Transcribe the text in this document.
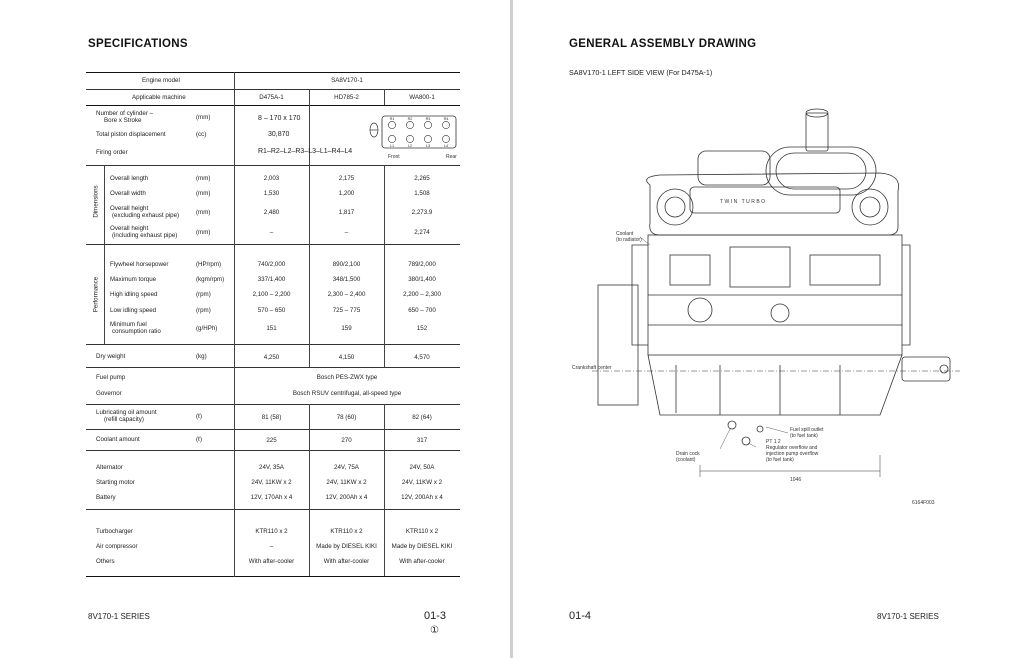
SPECIFICATIONS
Engine model	SA8V170-1
Applicable machine	D475A-1	HD785-2	WA800-1
Number of cylinder –
Bore x Stroke	(mm)	8 – 170 x 170
Total piston displacement	(cc)	30,870
Firing order	R1–R2–L2–R3–L3–L1–R4–L4
R1	R2	R3	R4
L1	L2	L3	L4
Front	Rear
Dimensions
Overall length	(mm)	2,003	2,175	2,265
Overall width	(mm)	1,530	1,200	1,508
Overall height
(excluding exhaust pipe)	(mm)	2,480	1,817	2,273.9
Overall height
(including exhaust pipe)	(mm)	–	–	2,274
Performance
Flywheel horsepower	(HP/rpm)	740/2,000	890/2,100	789/2,000
Maximum torque	(kgm/rpm)	337/1,400	348/1,500	380/1,400
High idling speed	(rpm)	2,100 – 2,200	2,300 – 2,400	2,200 – 2,300
Low idling speed	(rpm)	570 – 650	725 – 775	650 – 700
Minimum fuel
consumption ratio	(g/HPh)	151	159	152
Dry weight	(kg)	4,250	4,150	4,570
Fuel pump	Bosch PES-ZWX type
Governor	Bosch RSUV centrifugal, all-speed type
Lubricating oil amount
(refill capacity)	(ℓ)	81 (58)	78 (60)	82 (64)
Coolant amount	(ℓ)	225	270	317
Alternator	24V, 35A	24V, 75A	24V, 50A
Starting motor	24V, 11KW x 2	24V, 11KW x 2	24V, 11KW x 2
Battery	12V, 170Ah x 4	12V, 200Ah x 4	12V, 200Ah x 4
Turbocharger	KTR110 x 2	KTR110 x 2	KTR110 x 2
Air compressor	–	Made by DIESEL KIKI	Made by DIESEL KIKI
Others	With after-cooler	With after-cooler	With after-cooler
8V170-1 SERIES	01-3
①
GENERAL ASSEMBLY DRAWING
SA8V170-1 LEFT SIDE VIEW (For D475A-1)
8V170-1 SERIES
01-4
TWIN TURBO
Coolant
(to radiator)
Crankshaft center
Fuel spill outlet
(to fuel tank)
PT 1 2
Regulator overflow and
injection pump overflow
(to fuel tank)
Drain cock
(coolant)
1046
6164F003
